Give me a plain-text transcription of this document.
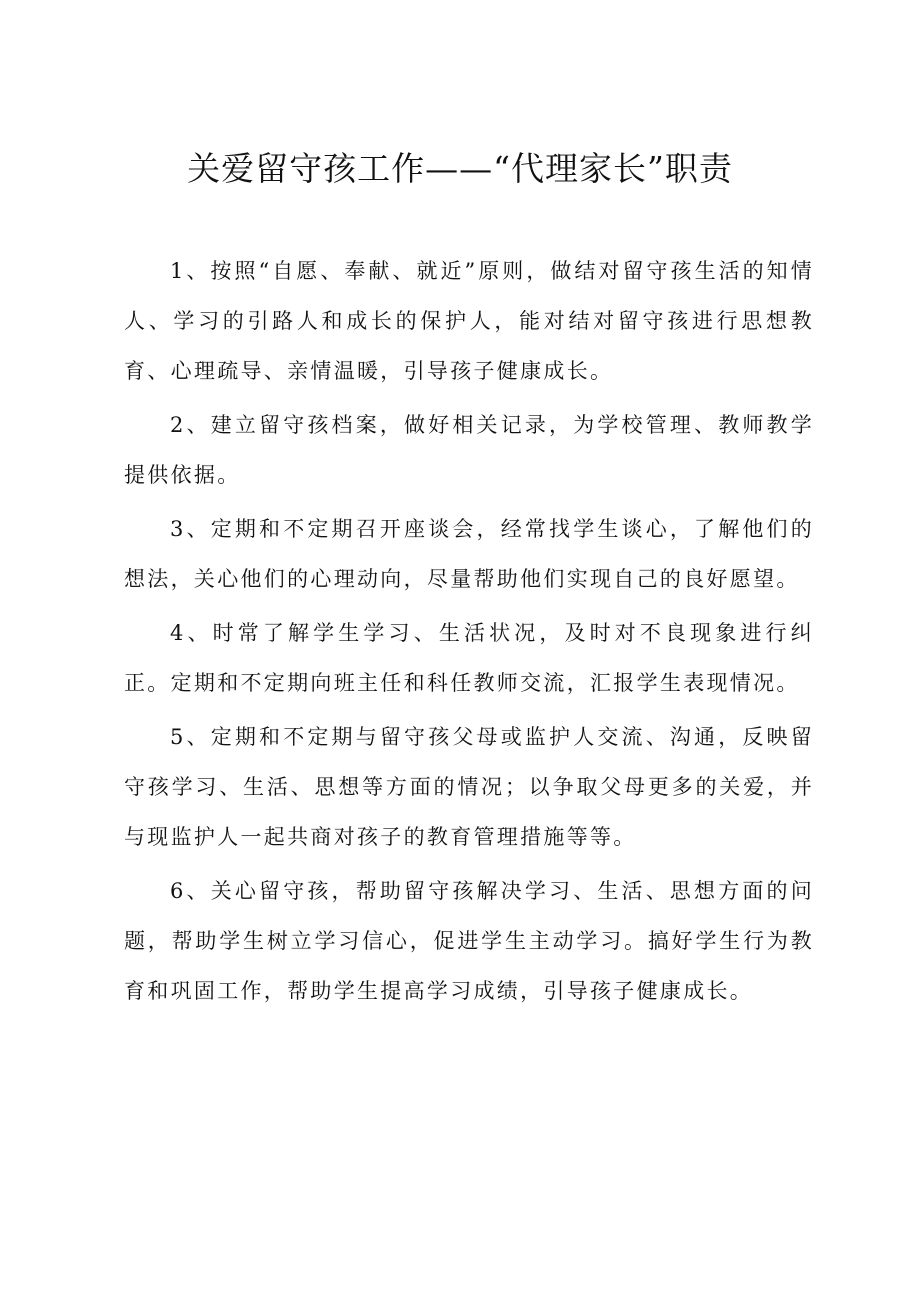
关爱留守孩工作——“代理家长”职责

1、按照“自愿、奉献、就近”原则，做结对留守孩生活的知情人、学习的引路人和成长的保护人，能对结对留守孩进行思想教育、心理疏导、亲情温暖，引导孩子健康成长。

2、建立留守孩档案，做好相关记录，为学校管理、教师教学提供依据。

3、定期和不定期召开座谈会，经常找学生谈心，了解他们的想法，关心他们的心理动向，尽量帮助他们实现自己的良好愿望。

4、时常了解学生学习、生活状况，及时对不良现象进行纠正。定期和不定期向班主任和科任教师交流，汇报学生表现情况。

5、定期和不定期与留守孩父母或监护人交流、沟通，反映留守孩学习、生活、思想等方面的情况；以争取父母更多的关爱，并与现监护人一起共商对孩子的教育管理措施等等。

6、关心留守孩，帮助留守孩解决学习、生活、思想方面的问题，帮助学生树立学习信心，促进学生主动学习。搞好学生行为教育和巩固工作，帮助学生提高学习成绩，引导孩子健康成长。
